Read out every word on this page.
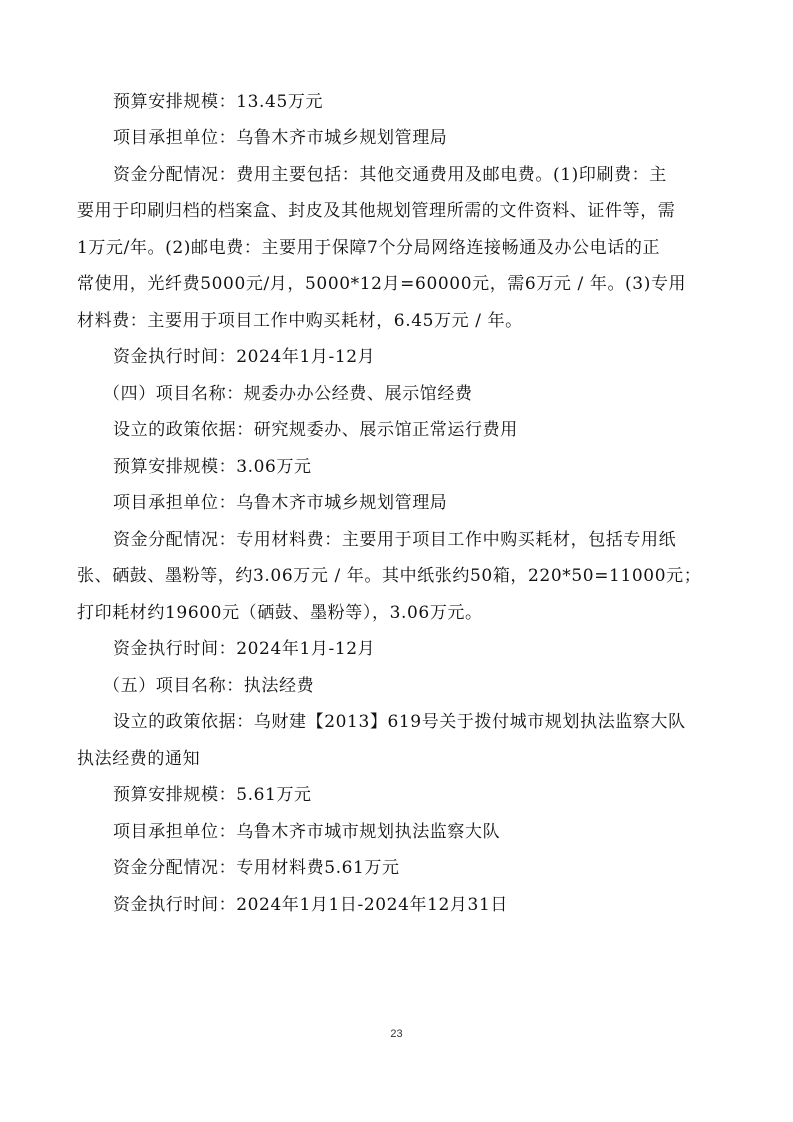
预算安排规模：13.45万元
项目承担单位：乌鲁木齐市城乡规划管理局
资金分配情况：费用主要包括：其他交通费用及邮电费。(1)印刷费：主
要用于印刷归档的档案盒、封皮及其他规划管理所需的文件资料、证件等，需
1万元/年。(2)邮电费：主要用于保障7个分局网络连接畅通及办公电话的正
常使用，光纤费5000元/月，5000*12月=60000元，需6万元 / 年。(3)专用
材料费：主要用于项目工作中购买耗材，6.45万元 / 年。
资金执行时间：2024年1月-12月
（四）项目名称：规委办办公经费、展示馆经费
设立的政策依据：研究规委办、展示馆正常运行费用
预算安排规模：3.06万元
项目承担单位：乌鲁木齐市城乡规划管理局
资金分配情况：专用材料费：主要用于项目工作中购买耗材，包括专用纸
张、硒鼓、墨粉等，约3.06万元 / 年。其中纸张约50箱，220*50=11000元；
打印耗材约19600元（硒鼓、墨粉等），3.06万元。
资金执行时间：2024年1月-12月
（五）项目名称：执法经费
设立的政策依据：乌财建【2013】619号关于拨付城市规划执法监察大队
执法经费的通知
预算安排规模：5.61万元
项目承担单位：乌鲁木齐市城市规划执法监察大队
资金分配情况：专用材料费5.61万元
资金执行时间：2024年1月1日-2024年12月31日
23
